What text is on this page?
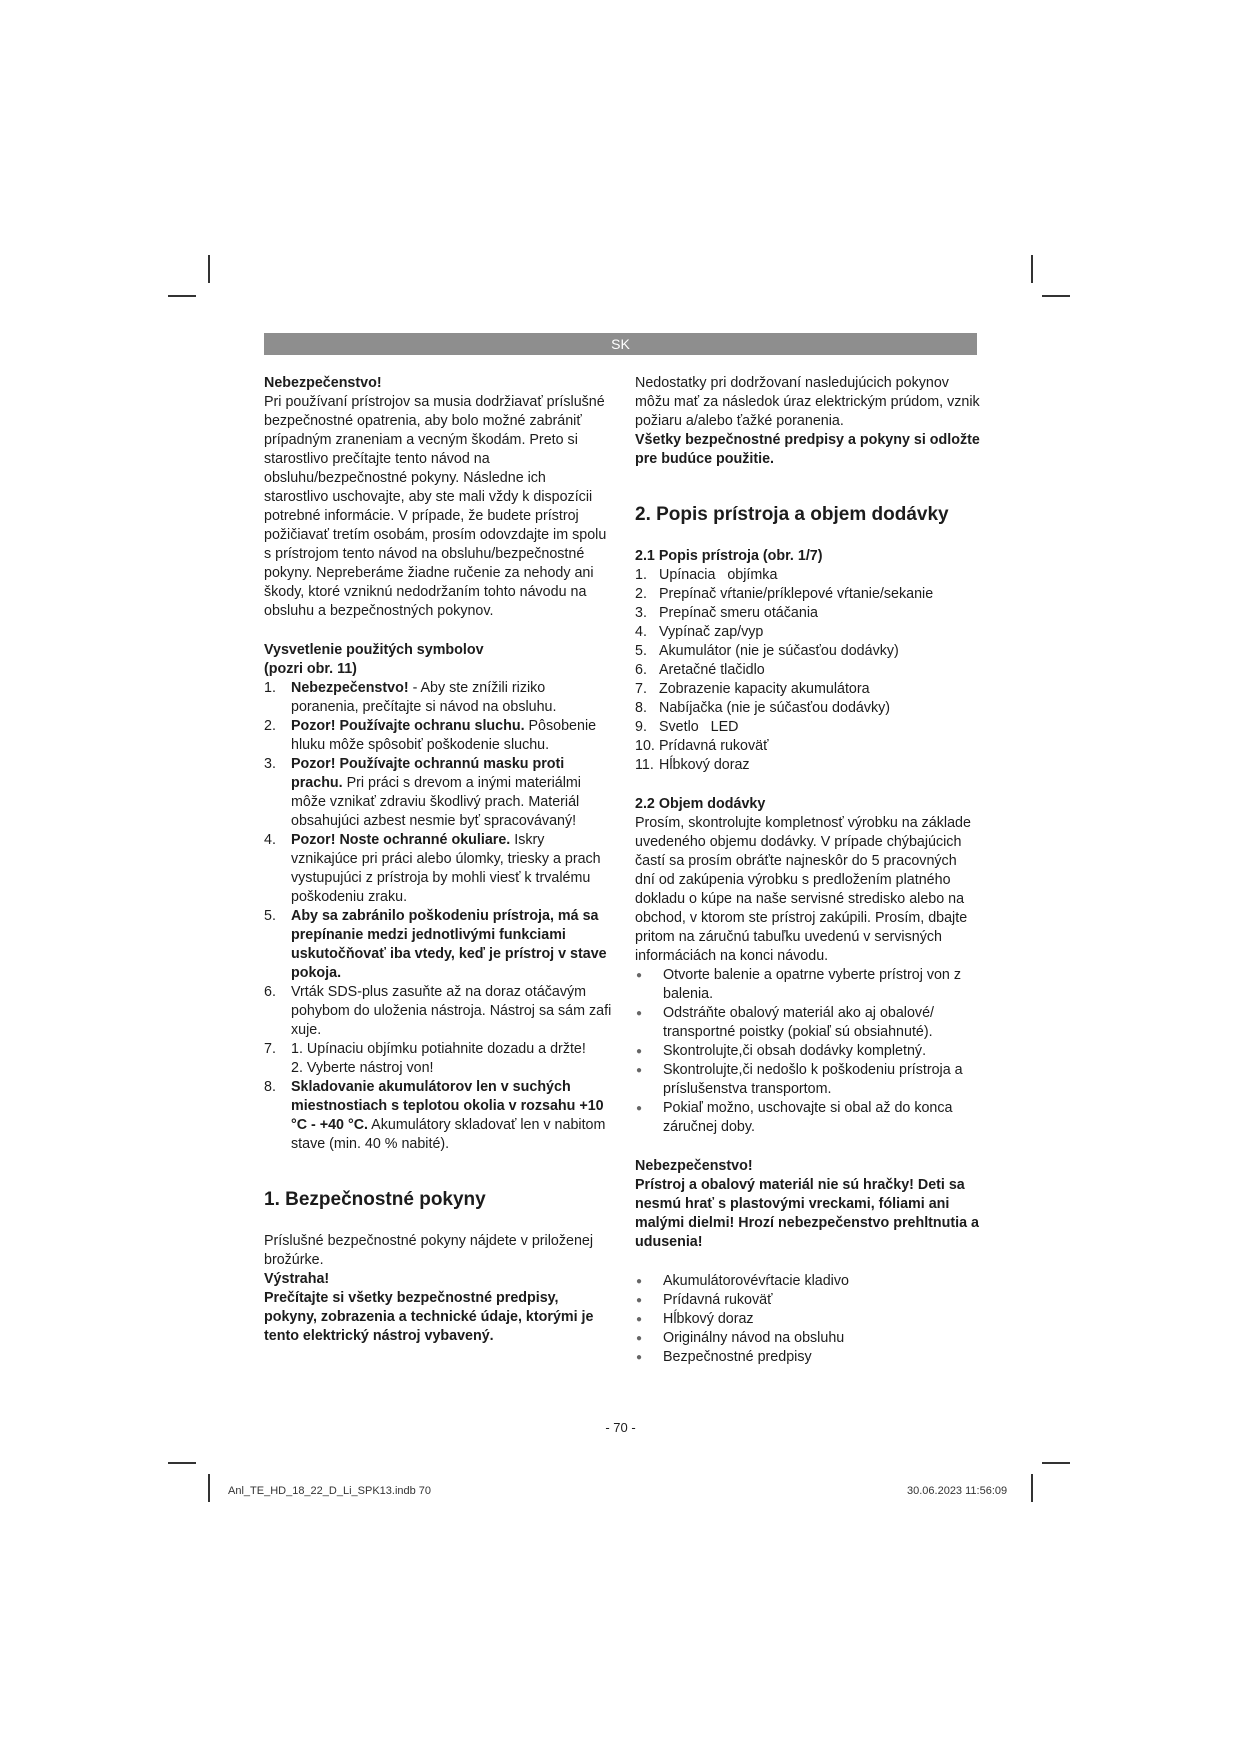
SK

Nebezpečenstvo!

Pri používaní prístrojov sa musia dodržiavať príslušné bezpečnostné opatrenia, aby bolo možné zabrániť prípadným zraneniam a vecným škodám. Preto si starostlivo prečítajte tento návod na obsluhu/bezpečnostné pokyny. Následne ich starostlivo uschovajte, aby ste mali vždy k dispozícii potrebné informácie. V prípade, že budete prístroj požičiavať tretím osobám, prosím odovzdajte im spolu s prístrojom tento návod na obsluhu/bezpečnostné pokyny. Nepreberáme žiadne ručenie za nehody ani škody, ktoré vzniknú nedodržaním tohto návodu na obsluhu a bezpečnostných pokynov.

Vysvetlenie použitých symbolov

(pozri obr. 11)

1. Nebezpečenstvo! - Aby ste znížili riziko poranenia, prečítajte si návod na obsluhu.
2. Pozor! Používajte ochranu sluchu. Pôsobenie hluku môže spôsobiť poškodenie sluchu.
3. Pozor! Používajte ochrannú masku proti prachu. Pri práci s drevom a inými materiálmi môže vznikať zdraviu škodlivý prach. Materiál obsahujúci azbest nesmie byť spracovávaný!
4. Pozor! Noste ochranné okuliare. Iskry vznikajúce pri práci alebo úlomky, triesky a prach vystupujúci z prístroja by mohli viesť k trvalému poškodeniu zraku.
5. Aby sa zabránilo poškodeniu prístroja, má sa prepínanie medzi jednotlivými funkciami uskutočňovať iba vtedy, keď je prístroj v stave pokoja.
6. Vrták SDS-plus zasuňte až na doraz otáčavým pohybom do uloženia nástroja. Nástroj sa sám zafi xuje.
7. 1. Upínaciu objímku potiahnite dozadu a držte!
2. Vyberte nástroj von!
8. Skladovanie akumulátorov len v suchých miestnostiach s teplotou okolia v rozsahu +10 °C - +40 °C. Akumulátory skladovať len v nabitom stave (min. 40 % nabité).

1. Bezpečnostné pokyny

Príslušné bezpečnostné pokyny nájdete v priloženej brožúrke.

Výstraha!

Prečítajte si všetky bezpečnostné predpisy, pokyny, zobrazenia a technické údaje, ktorými je tento elektrický nástroj vybavený.

Nedostatky pri dodržovaní nasledujúcich pokynov môžu mať za následok úraz elektrickým prúdom, vznik požiaru a/alebo ťažké poranenia.

Všetky bezpečnostné predpisy a pokyny si odložte pre budúce použitie.

2. Popis prístroja a objem dodávky

2.1 Popis prístroja (obr. 1/7)

1. Upínacia   objímka
2. Prepínač vŕtanie/príklepové vŕtanie/sekanie
3. Prepínač smeru otáčania
4. Vypínač zap/vyp
5. Akumulátor (nie je súčasťou dodávky)
6. Aretačné tlačidlo
7. Zobrazenie kapacity akumulátora
8. Nabíjačka (nie je súčasťou dodávky)
9. Svetlo   LED
10. Prídavná rukoväť
11. Hĺbkový doraz

2.2 Objem dodávky

Prosím, skontrolujte kompletnosť výrobku na základe uvedeného objemu dodávky. V prípade chýbajúcich častí sa prosím obráťte najneskôr do 5 pracovných dní od zakúpenia výrobku s predložením platného dokladu o kúpe na naše servisné stredisko alebo na obchod, v ktorom ste prístroj zakúpili. Prosím, dbajte pritom na záručnú tabuľku uvedenú v servisných informáciách na konci návodu.

● Otvorte balenie a opatrne vyberte prístroj von z balenia.
● Odstráňte obalový materiál ako aj obalové/ transportné poistky (pokiaľ sú obsiahnuté).
● Skontrolujte,či obsah dodávky kompletný.
● Skontrolujte,či nedošlo k poškodeniu prístroja a príslušenstva transportom.
● Pokiaľ možno, uschovajte si obal až do konca záručnej doby.

Nebezpečenstvo!

Prístroj a obalový materiál nie sú hračky! Deti sa nesmú hrať s plastovými vreckami, fóliami ani malými dielmi! Hrozí nebezpečenstvo prehltnutia a udusenia!

● Akumulátorovévŕtacie kladivo
● Prídavná rukoväť
● Hĺbkový doraz
● Originálny návod na obsluhu
● Bezpečnostné predpisy
- 70 -
Anl_TE_HD_18_22_D_Li_SPK13.indb 70	30.06.2023 11:56:09
